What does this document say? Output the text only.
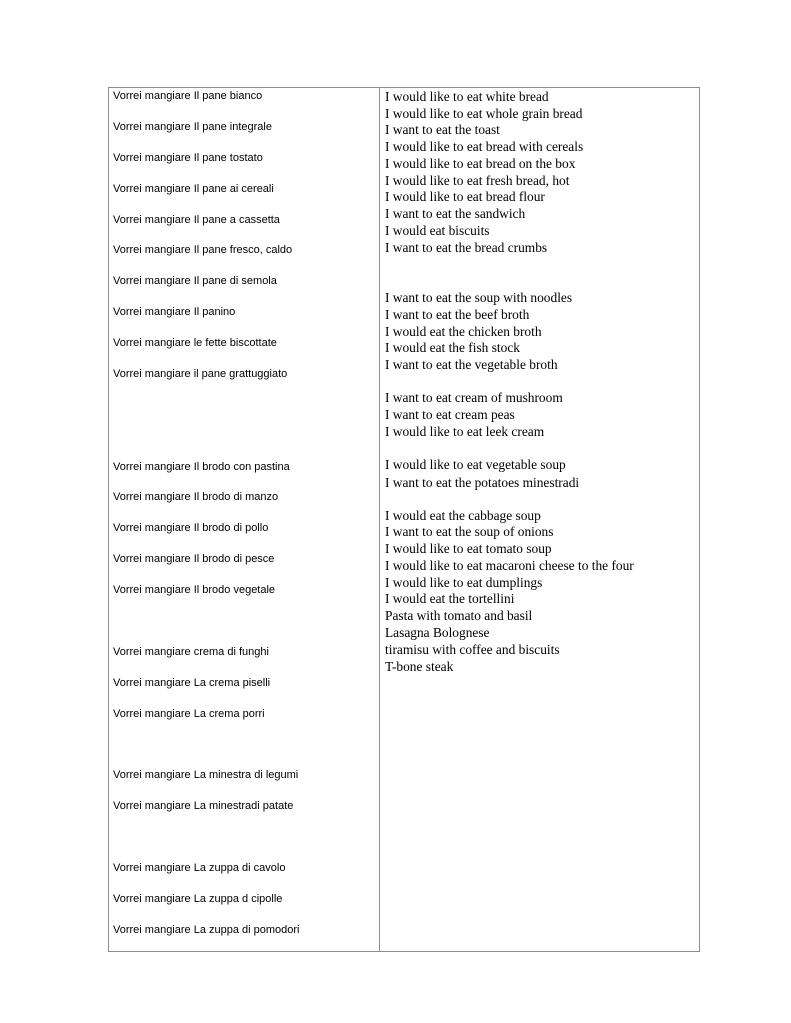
Vorrei mangiare Il pane bianco
Vorrei mangiare Il pane integrale
Vorrei mangiare Il pane tostato
Vorrei mangiare Il pane ai cereali
Vorrei mangiare Il pane a cassetta
Vorrei mangiare Il pane fresco, caldo
Vorrei mangiare Il pane di semola
Vorrei mangiare Il panino
Vorrei mangiare le fette biscottate
Vorrei mangiare il pane grattuggiato
Vorrei mangiare Il brodo con pastina
Vorrei mangiare Il brodo di manzo
Vorrei mangiare Il brodo di pollo
Vorrei mangiare Il brodo di pesce
Vorrei mangiare Il brodo vegetale
Vorrei mangiare crema di funghi
Vorrei mangiare La crema piselli
Vorrei mangiare La crema porri
Vorrei mangiare La minestra di legumi
Vorrei mangiare La minestradi patate
Vorrei mangiare La zuppa di cavolo
Vorrei mangiare La zuppa d cipolle
Vorrei mangiare La zuppa di pomodori
I would like to eat white bread
I would like to eat whole grain bread
I want to eat the toast
I would like to eat bread with cereals
I would like to eat bread on the box
I would like to eat fresh bread, hot
I would like to eat bread flour
I want to eat the sandwich
I would eat biscuits
I want to eat the bread crumbs
I want to eat the soup with noodles
I want to eat the beef broth
I would eat the chicken broth
I would eat the fish stock
I want to eat the vegetable broth
I want to eat cream of mushroom
I want to eat cream peas
I would like to eat leek cream
I would like to eat vegetable soup
I want to eat the potatoes minestradi
I would eat the cabbage soup
I want to eat the soup of onions
I would like to eat tomato soup
I would like to eat macaroni cheese to the four
I would like to eat dumplings
I would eat the tortellini
Pasta with tomato and basil
Lasagna Bolognese
tiramisu with coffee and biscuits
T-bone steak
